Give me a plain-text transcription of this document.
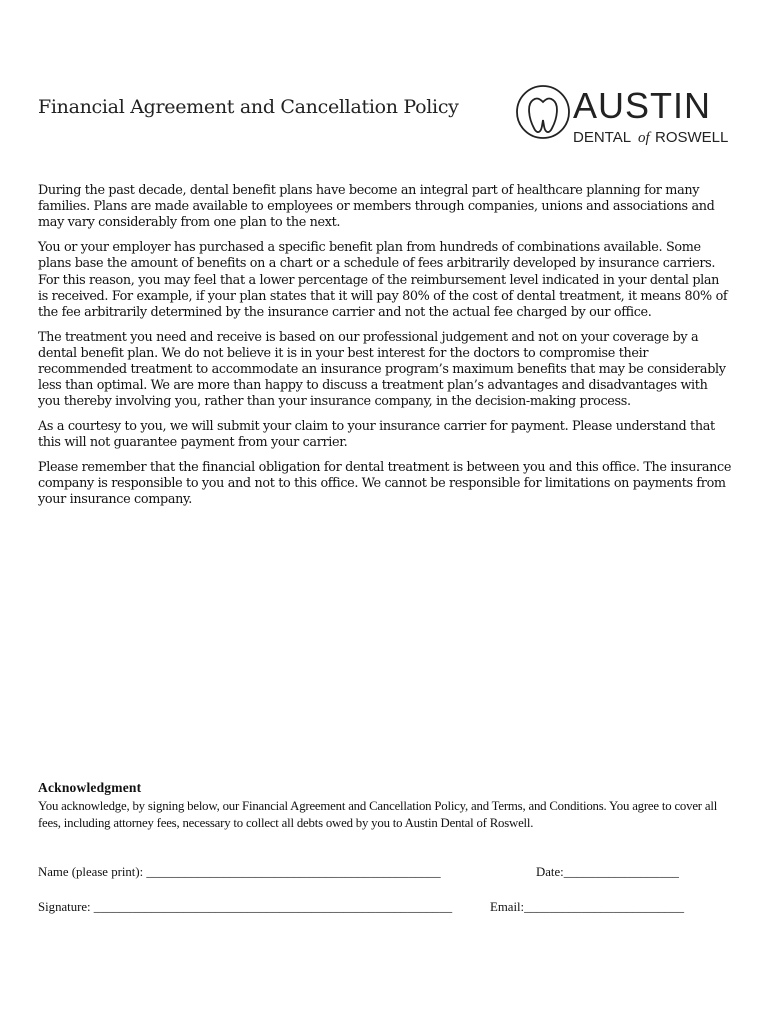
Financial Agreement and Cancellation Policy	AUSTIN
DENTAL of ROSWELL

During the past decade, dental benefit plans have become an integral part of healthcare planning for many families. Plans are made available to employees or members through companies, unions and associations and may vary considerably from one plan to the next.

You or your employer has purchased a specific benefit plan from hundreds of combinations available. Some plans base the amount of benefits on a chart or a schedule of fees arbitrarily developed by insurance carriers. For this reason, you may feel that a lower percentage of the reimbursement level indicated in your dental plan is received. For example, if your plan states that it will pay 80% of the cost of dental treatment, it means 80% of the fee arbitrarily determined by the insurance carrier and not the actual fee charged by our office.

The treatment you need and receive is based on our professional judgement and not on your coverage by a dental benefit plan. We do not believe it is in your best interest for the doctors to compromise their recommended treatment to accommodate an insurance program’s maximum benefits that may be considerably less than optimal. We are more than happy to discuss a treatment plan’s advantages and disadvantages with you thereby involving you, rather than your insurance company, in the decision-making process.

As a courtesy to you, we will submit your claim to your insurance carrier for payment. Please understand that this will not guarantee payment from your carrier.

Please remember that the financial obligation for dental treatment is between you and this office. The insurance company is responsible to you and not to this office. We cannot be responsible for limitations on payments from your insurance company.

Acknowledgment

You acknowledge, by signing below, our Financial Agreement and Cancellation Policy, and Terms, and Conditions. You agree to cover all fees, including attorney fees, necessary to collect all debts owed by you to Austin Dental of Roswell.

Name (please print): ______________________________________________	Date:__________________
Signature: ________________________________________________________	Email:_________________________
